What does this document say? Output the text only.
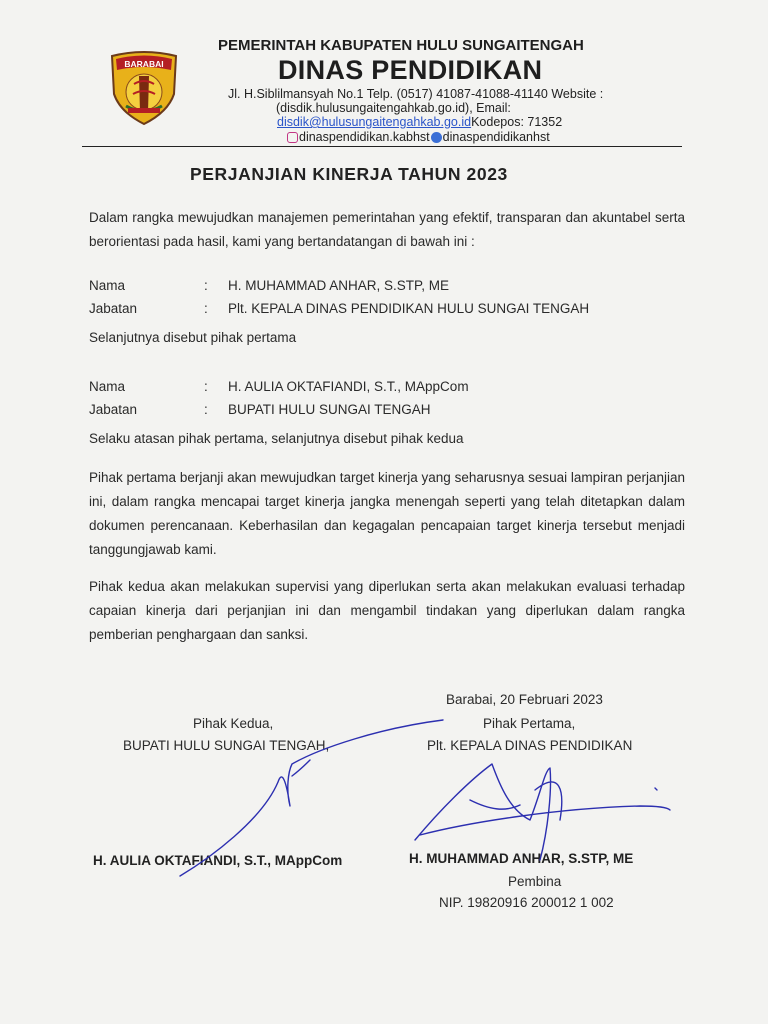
BARABAI
PEMERINTAH KABUPATEN HULU SUNGAITENGAH
DINAS PENDIDIKAN
Jl. H.Siblilmansyah No.1 Telp. (0517) 41087-41088-41140 Website :
(disdik.hulusungaitengahkab.go.id), Email:
disdik@hulusungaitengahkab.go.idKodepos: 71352
dinaspendidikan.kabhst dinaspendidikanhst
PERJANJIAN KINERJA TAHUN 2023
Dalam rangka mewujudkan manajemen pemerintahan yang efektif, transparan dan akuntabel serta berorientasi pada hasil, kami yang bertandatangan di bawah ini :
Nama	: H. MUHAMMAD ANHAR, S.STP, ME
Jabatan	: Plt. KEPALA DINAS PENDIDIKAN HULU SUNGAI TENGAH
Selanjutnya disebut pihak pertama
Nama	: H. AULIA OKTAFIANDI, S.T., MAppCom
Jabatan	: BUPATI HULU SUNGAI TENGAH
Selaku atasan pihak pertama, selanjutnya disebut pihak kedua
Pihak pertama berjanji akan mewujudkan target kinerja yang seharusnya sesuai lampiran perjanjian ini, dalam rangka mencapai target kinerja jangka menengah seperti yang telah ditetapkan dalam dokumen perencanaan. Keberhasilan dan kegagalan pencapaian target kinerja tersebut menjadi tanggungjawab kami.
Pihak kedua akan melakukan supervisi yang diperlukan serta akan melakukan evaluasi terhadap capaian kinerja dari perjanjian ini dan mengambil tindakan yang diperlukan dalam rangka pemberian penghargaan dan sanksi.
Barabai, 20 Februari 2023
Pihak Kedua,	Pihak Pertama,
BUPATI HULU SUNGAI TENGAH,	Plt. KEPALA DINAS PENDIDIKAN
H. AULIA OKTAFIANDI, S.T., MAppCom	H. MUHAMMAD ANHAR, S.STP, ME
Pembina
NIP. 19820916 200012 1 002
